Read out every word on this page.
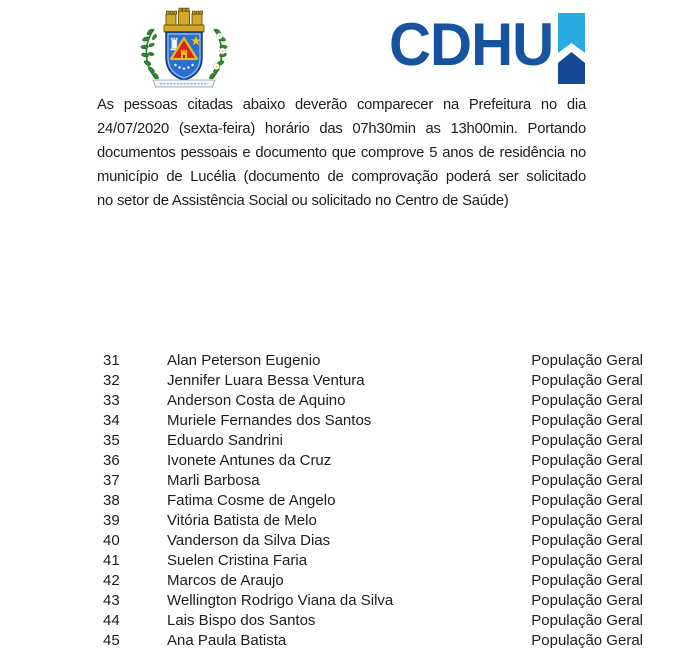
CDHU
As pessoas citadas abaixo deverão comparecer na Prefeitura no dia
24/07/2020 (sexta-feira) horário das 07h30min as 13h00min. Portando
documentos pessoais e documento que comprove 5 anos de residência no
município de Lucélia (documento de comprovação poderá ser solicitado
no setor de Assistência Social ou solicitado no Centro de Saúde)
31	Alan Peterson Eugenio	População Geral
32	Jennifer Luara Bessa Ventura	População Geral
33	Anderson Costa de Aquino	População Geral
34	Muriele Fernandes dos Santos	População Geral
35	Eduardo Sandrini	População Geral
36	Ivonete Antunes da Cruz	População Geral
37	Marli Barbosa	População Geral
38	Fatima Cosme de Angelo	População Geral
39	Vitória Batista de Melo	População Geral
40	Vanderson da Silva Dias	População Geral
41	Suelen Cristina Faria	População Geral
42	Marcos de Araujo	População Geral
43	Wellington Rodrigo Viana da Silva	População Geral
44	Lais Bispo dos Santos	População Geral
45	Ana Paula Batista	População Geral
